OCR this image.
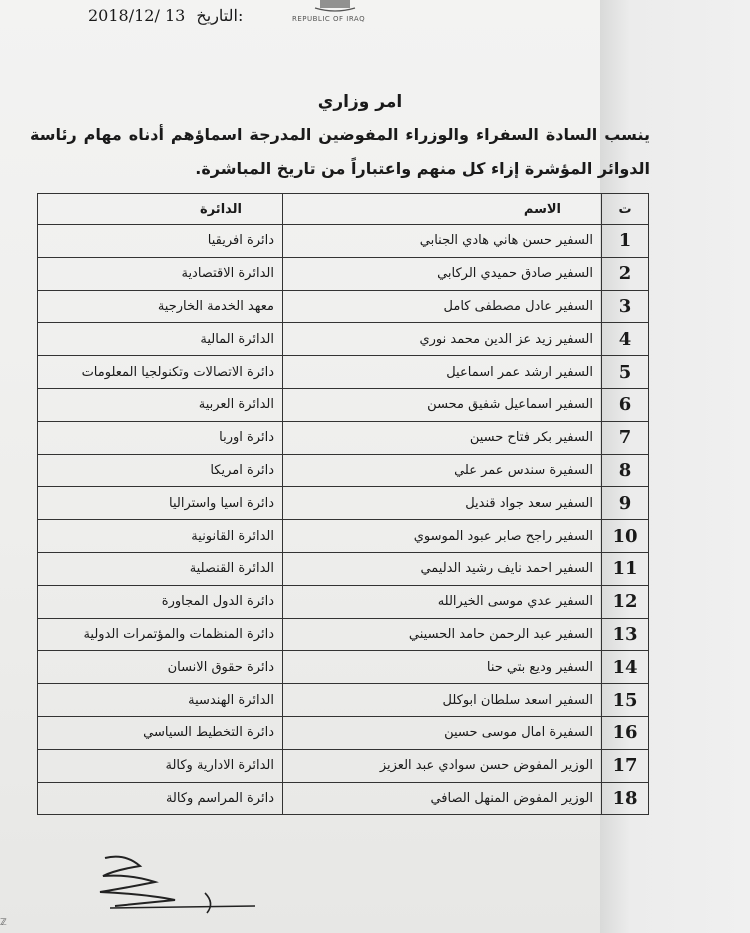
2018/12/ 13 التاريخ:	REPUBLIC OF IRAQ
امر وزاري
ينسب السادة السفراء والوزراء المفوضين المدرجة اسماؤهم أدناه مهام رئاسة الدوائر المؤشرة إزاء كل منهم واعتباراً من تاريخ المباشرة.
ت	الاسم	الدائرة
1	السفير حسن هاني هادي الجنابي	دائرة افريقيا
2	السفير صادق حميدي الركابي	الدائرة الاقتصادية
3	السفير عادل مصطفى كامل	معهد الخدمة الخارجية
4	السفير زيد عز الدين محمد نوري	الدائرة المالية
5	السفير ارشد عمر اسماعيل	دائرة الاتصالات وتكنولجيا المعلومات
6	السفير اسماعيل شفيق محسن	الدائرة العربية
7	السفير بكر فتاح حسين	دائرة اوربا
8	السفيرة سندس عمر علي	دائرة امريكا
9	السفير سعد جواد قنديل	دائرة اسيا واستراليا
10	السفير راجح صابر عبود الموسوي	الدائرة القانونية
11	السفير احمد نايف رشيد الدليمي	الدائرة القنصلية
12	السفير عدي موسى الخيرالله	دائرة الدول المجاورة
13	السفير عبد الرحمن حامد الحسيني	دائرة المنظمات والمؤتمرات الدولية
14	السفير وديع بتي حنا	دائرة حقوق الانسان
15	السفير اسعد سلطان ابوكلل	الدائرة الهندسية
16	السفيرة امال موسى حسين	دائرة التخطيط السياسي
17	الوزير المفوض حسن سوادي عبد العزيز	الدائرة الادارية وكالة
18	الوزير المفوض المنهل الصافي	دائرة المراسم وكالة
ℤ
